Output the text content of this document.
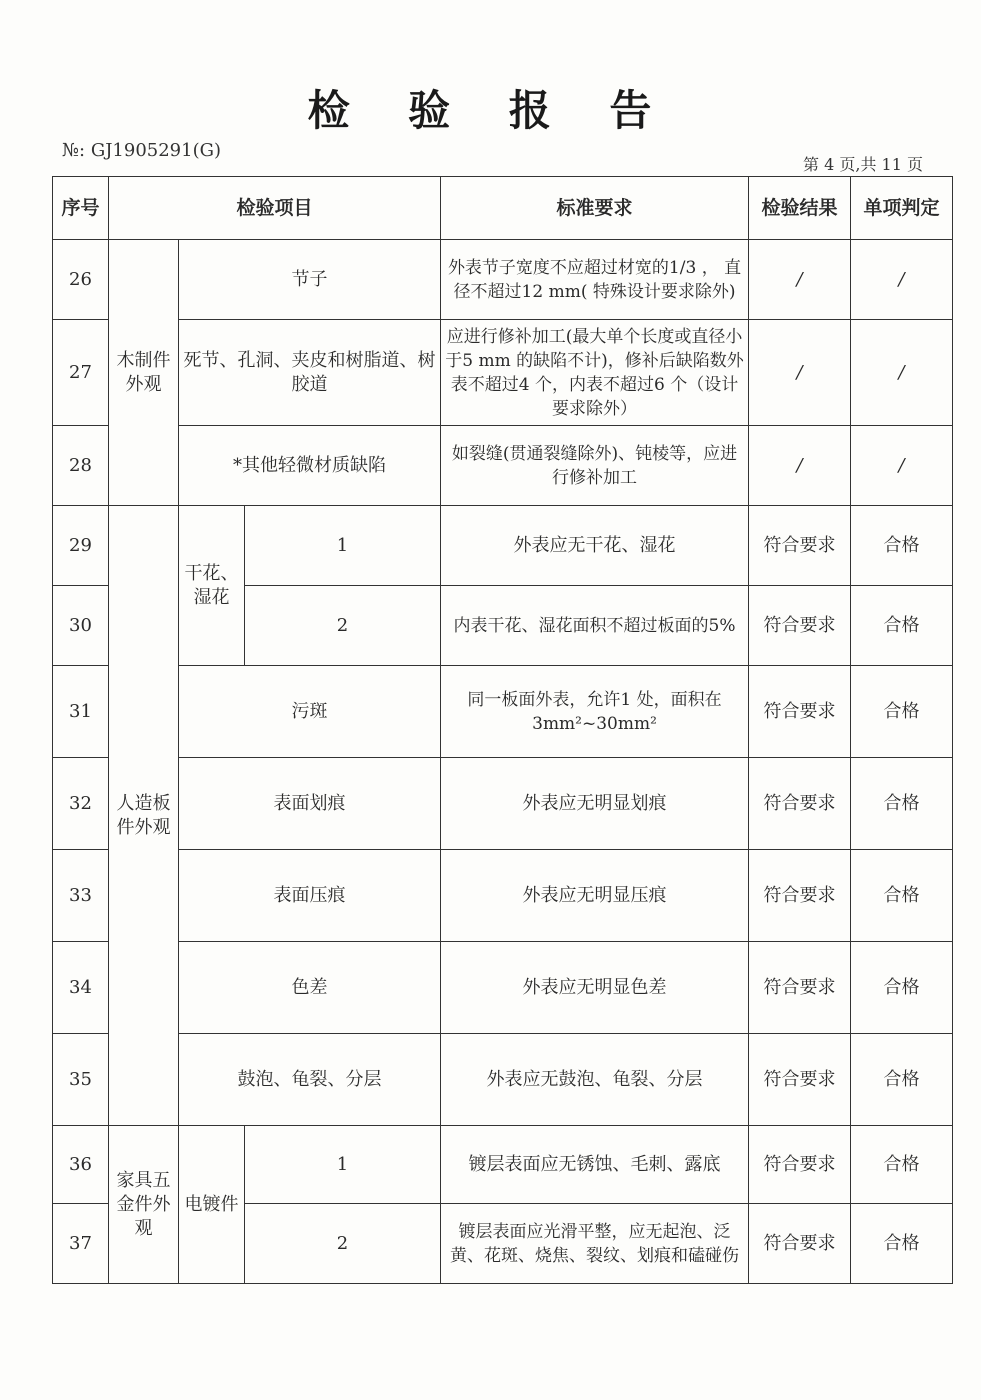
检 验 报 告
№: GJ1905291(G)
第 4 页,共 11 页
序号	检验项目			标准要求	检验结果	单项判定
26	木制件外观	节子		外表节子宽度不应超过材宽的1/3 ， 直径不超过12 mm( 特殊设计要求除外)	/	/
27		死节、孔洞、夹皮和树脂道、树胶道		应进行修补加工(最大单个长度或直径小于5 mm 的缺陷不计)，修补后缺陷数外表不超过4 个，内表不超过6 个（设计要求除外）	/	/
28		*其他轻微材质缺陷		如裂缝(贯通裂缝除外)、钝棱等，应进行修补加工	/	/
29	人造板件外观	干花、湿花	1	外表应无干花、湿花	符合要求	合格
30			2	内表干花、湿花面积不超过板面的5%	符合要求	合格
31		污斑		同一板面外表，允许1 处，面积在3mm²~30mm²	符合要求	合格
32		表面划痕		外表应无明显划痕	符合要求	合格
33		表面压痕		外表应无明显压痕	符合要求	合格
34		色差		外表应无明显色差	符合要求	合格
35		鼓泡、龟裂、分层		外表应无鼓泡、龟裂、分层	符合要求	合格
36	家具五金件外观	电镀件	1	镀层表面应无锈蚀、毛刺、露底	符合要求	合格
37			2	镀层表面应光滑平整，应无起泡、泛黄、花斑、烧焦、裂纹、划痕和磕碰伤	符合要求	合格
